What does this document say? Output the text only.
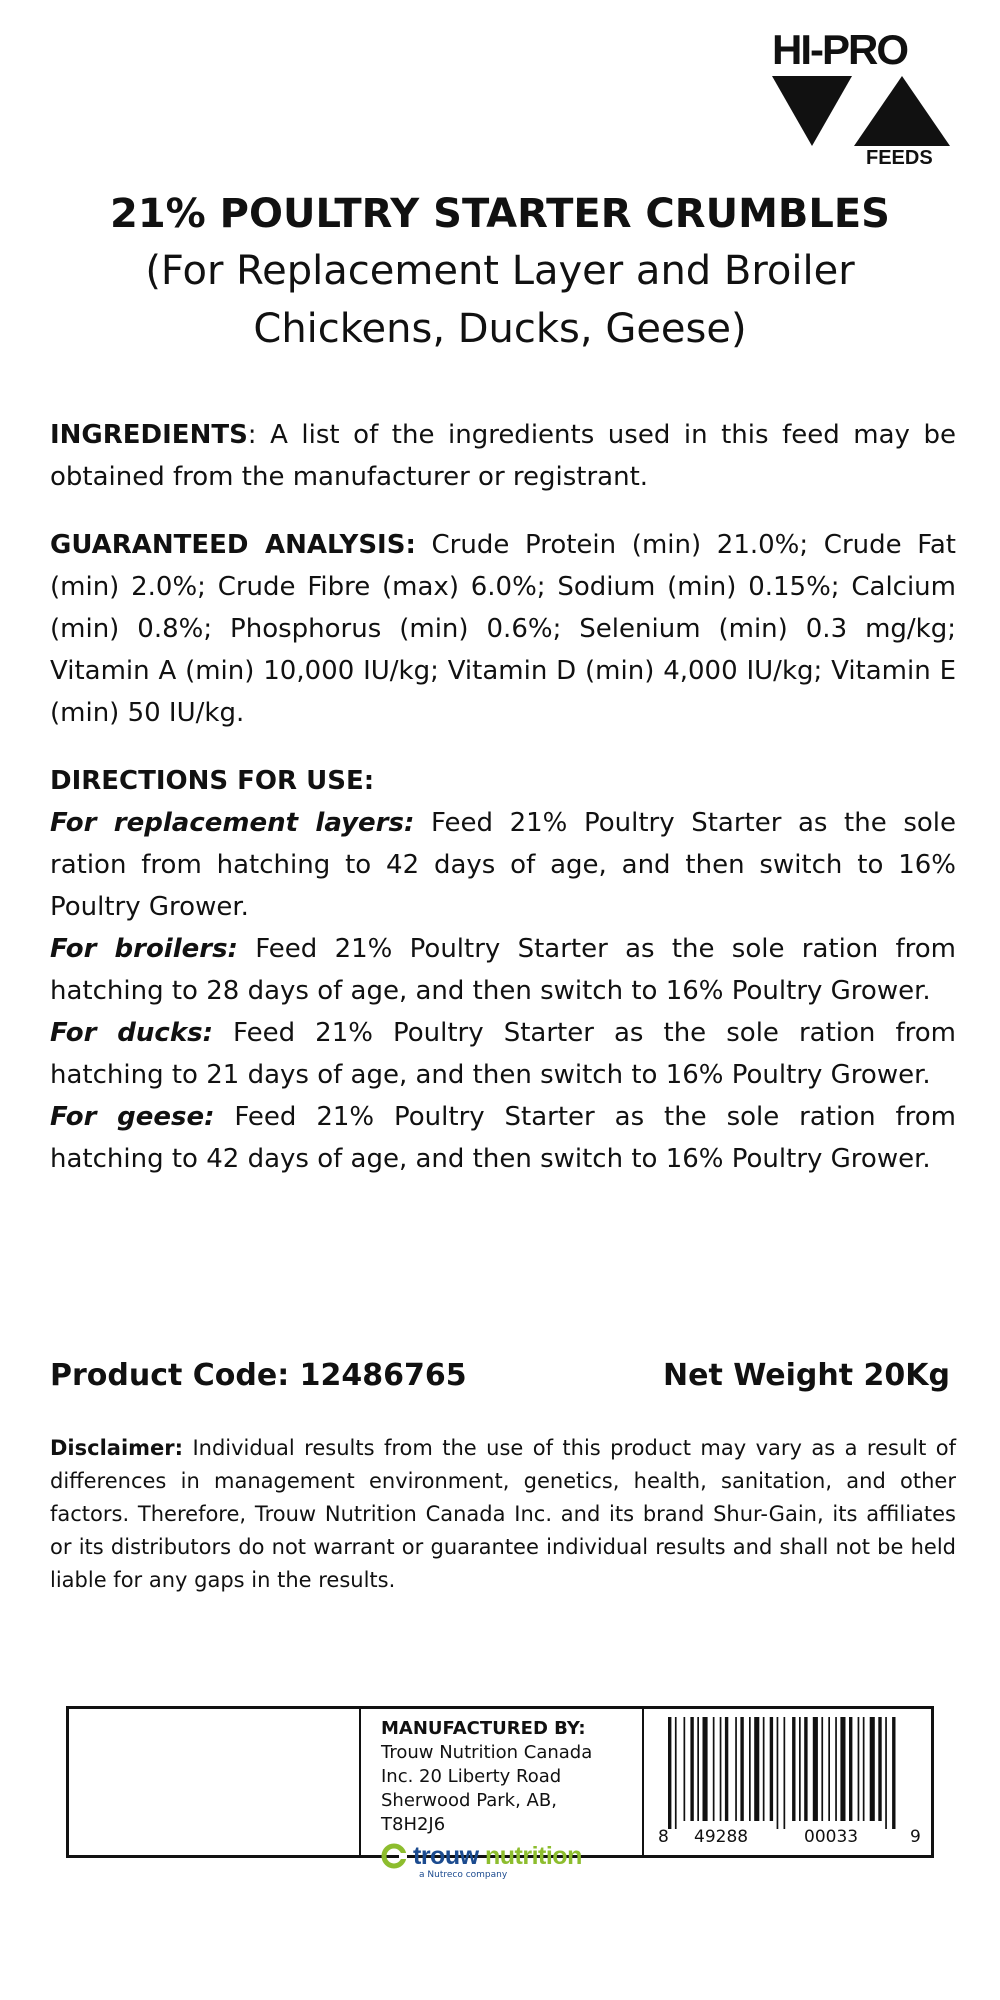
HI-PRO
FEEDS
21% POULTRY STARTER CRUMBLES

(For Replacement Layer and Broiler

Chickens, Ducks, Geese)

INGREDIENTS: A list of the ingredients used in this feed may be obtained from the manufacturer or registrant.

GUARANTEED ANALYSIS: Crude Protein (min) 21.0%; Crude Fat (min) 2.0%; Crude Fibre (max) 6.0%; Sodium (min) 0.15%; Calcium (min) 0.8%; Phosphorus (min) 0.6%; Selenium (min) 0.3 mg/kg; Vitamin A (min) 10,000 IU/kg; Vitamin D (min) 4,000 IU/kg; Vitamin E (min) 50 IU/kg.

DIRECTIONS FOR USE:

For replacement layers: Feed 21% Poultry Starter as the sole ration from hatching to 42 days of age, and then switch to 16% Poultry Grower.

For broilers: Feed 21% Poultry Starter as the sole ration from hatching to 28 days of age, and then switch to 16% Poultry Grower.

For ducks: Feed 21% Poultry Starter as the sole ration from hatching to 21 days of age, and then switch to 16% Poultry Grower.

For geese: Feed 21% Poultry Starter as the sole ration from hatching to 42 days of age, and then switch to 16% Poultry Grower.

Product Code: 12486765	Net Weight 20Kg
Disclaimer: Individual results from the use of this product may vary as a result of differences in management environment, genetics, health, sanitation, and other factors. Therefore, Trouw Nutrition Canada Inc. and its brand Shur-Gain, its affiliates or its distributors do not warrant or guarantee individual results and shall not be held liable for any gaps in the results.
MANUFACTURED BY:
Trouw Nutrition Canada
Inc. 20 Liberty Road
Sherwood Park, AB,
T8H2J6
trouw nutrition
a Nutreco company
8 49288	00033	9
